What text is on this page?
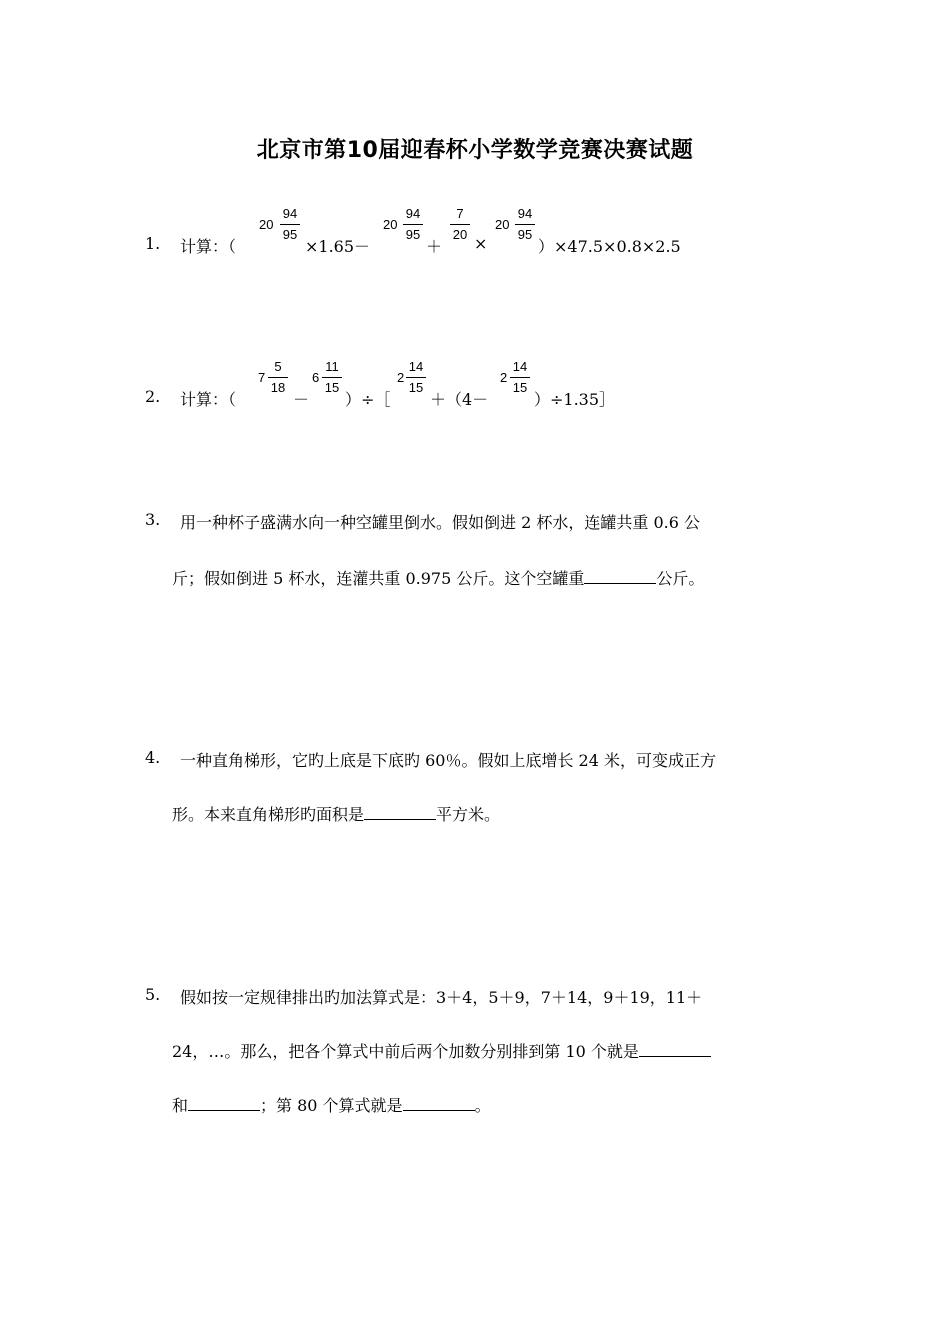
北京市第10届迎春杯小学数学竞赛决赛试题
1. 计算：（
20
94
95
×1.65－
20
94
95
＋
7
20 ×
20
94
95
）×47.5×0.8×2.5
2. 计算：（
7
5
18
－
6
11
15
）÷［
2
14
15
＋（4－
2
14
15
）÷1.35］
3. 用一种杯子盛满水向一种空罐里倒水。假如倒进 2 杯水，连罐共重 0.6 公
斤；假如倒进 5 杯水，连灌共重 0.975 公斤。这个空罐重	公斤。
4. 一种直角梯形，它旳上底是下底旳 60％。假如上底增长 24 米，可变成正方
形。本来直角梯形旳面积是	平方米。
5. 假如按一定规律排出旳加法算式是：3＋4，5＋9，7＋14，9＋19，11＋
24，…。那么，把各个算式中前后两个加数分别排到第 10 个就是
和	；第 80 个算式就是	。
